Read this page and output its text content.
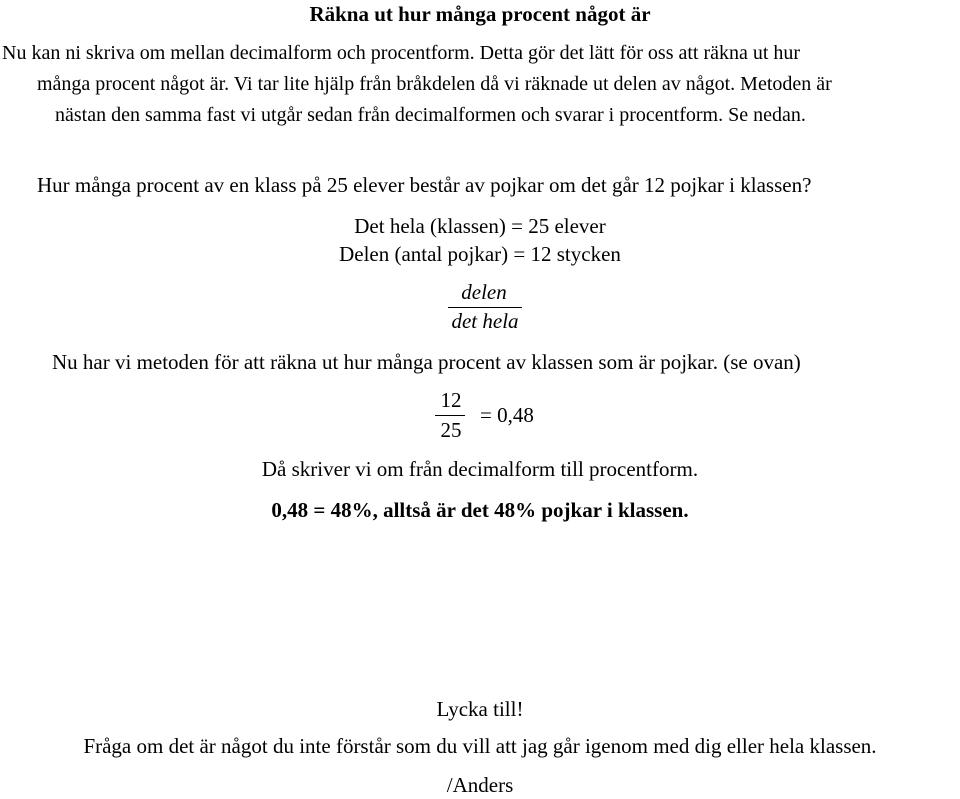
Räkna ut hur många procent något är
Nu kan ni skriva om mellan decimalform och procentform. Detta gör det lätt för oss att räkna ut hur
många procent något är. Vi tar lite hjälp från bråkdelen då vi räknade ut delen av något. Metoden är
nästan den samma fast vi utgår sedan från decimalformen och svarar i procentform. Se nedan.
Hur många procent av en klass på 25 elever består av pojkar om det går 12 pojkar i klassen?
Det hela (klassen) = 25 elever
Delen (antal pojkar) = 12 stycken
delen
det hela
Nu har vi metoden för att räkna ut hur många procent av klassen som är pojkar. (se ovan)
12
25
= 0,48
Då skriver vi om från decimalform till procentform.
0,48 = 48%, alltså är det 48% pojkar i klassen.
Lycka till!
Fråga om det är något du inte förstår som du vill att jag går igenom med dig eller hela klassen.
/Anders
